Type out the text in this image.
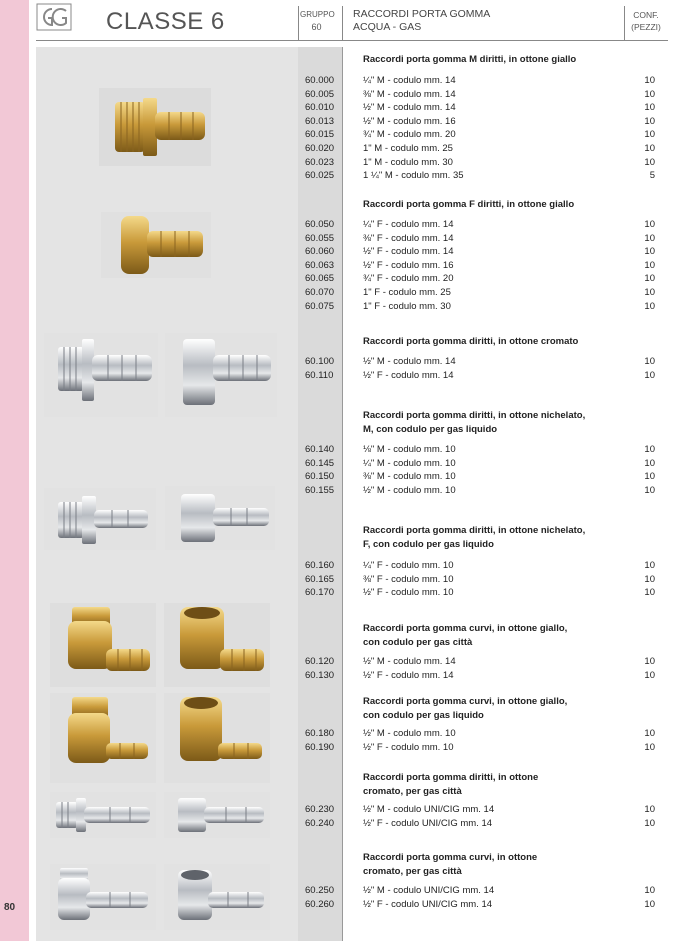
80
CLASSE 6	GRUPPO
60
RACCORDI PORTA GOMMA
ACQUA - GAS
CONF.
(PEZZI)
Raccordi porta gomma M diritti, in ottone giallo
Raccordi porta gomma F diritti, in ottone giallo
Raccordi porta gomma diritti, in ottone cromato
Raccordi porta gomma diritti, in ottone nichelato,
M, con codulo per gas liquido
Raccordi porta gomma diritti, in ottone nichelato,
F, con codulo per gas liquido
Raccordi porta gomma curvi, in ottone giallo,
con codulo per gas città
Raccordi porta gomma curvi, in ottone giallo,
con codulo per gas liquido
Raccordi porta gomma diritti, in ottone
cromato, per gas città
Raccordi porta gomma curvi, in ottone
cromato, per gas città
60.000	¼" M - codulo mm. 14	10
60.005	⅜" M - codulo mm. 14	10
60.010	½" M - codulo mm. 14	10
60.013	½" M - codulo mm. 16	10
60.015	¾" M - codulo mm. 20	10
60.020	1" M - codulo mm. 25	10
60.023	1" M - codulo mm. 30	10
60.025	1 ¼" M - codulo mm. 35	5
60.050	¼" F - codulo mm. 14	10
60.055	⅜" F - codulo mm. 14	10
60.060	½" F - codulo mm. 14	10
60.063	½" F - codulo mm. 16	10
60.065	¾" F - codulo mm. 20	10
60.070	1" F - codulo mm. 25	10
60.075	1" F - codulo mm. 30	10
60.100	½" M - codulo mm. 14	10
60.110	½" F - codulo mm. 14	10
60.140	⅛" M - codulo mm. 10	10
60.145	¼" M - codulo mm. 10	10
60.150	⅜" M - codulo mm. 10	10
60.155	½" M - codulo mm. 10	10
60.160	¼" F - codulo mm. 10	10
60.165	⅜" F - codulo mm. 10	10
60.170	½" F - codulo mm. 10	10
60.120	½" M - codulo mm. 14	10
60.130	½" F - codulo mm. 14	10
60.180	½" M - codulo mm. 10	10
60.190	½" F - codulo mm. 10	10
60.230	½" M - codulo UNI/CIG mm. 14	10
60.240	½" F - codulo UNI/CIG mm. 14	10
60.250	½" M - codulo UNI/CIG mm. 14	10
60.260	½" F - codulo UNI/CIG mm. 14	10
